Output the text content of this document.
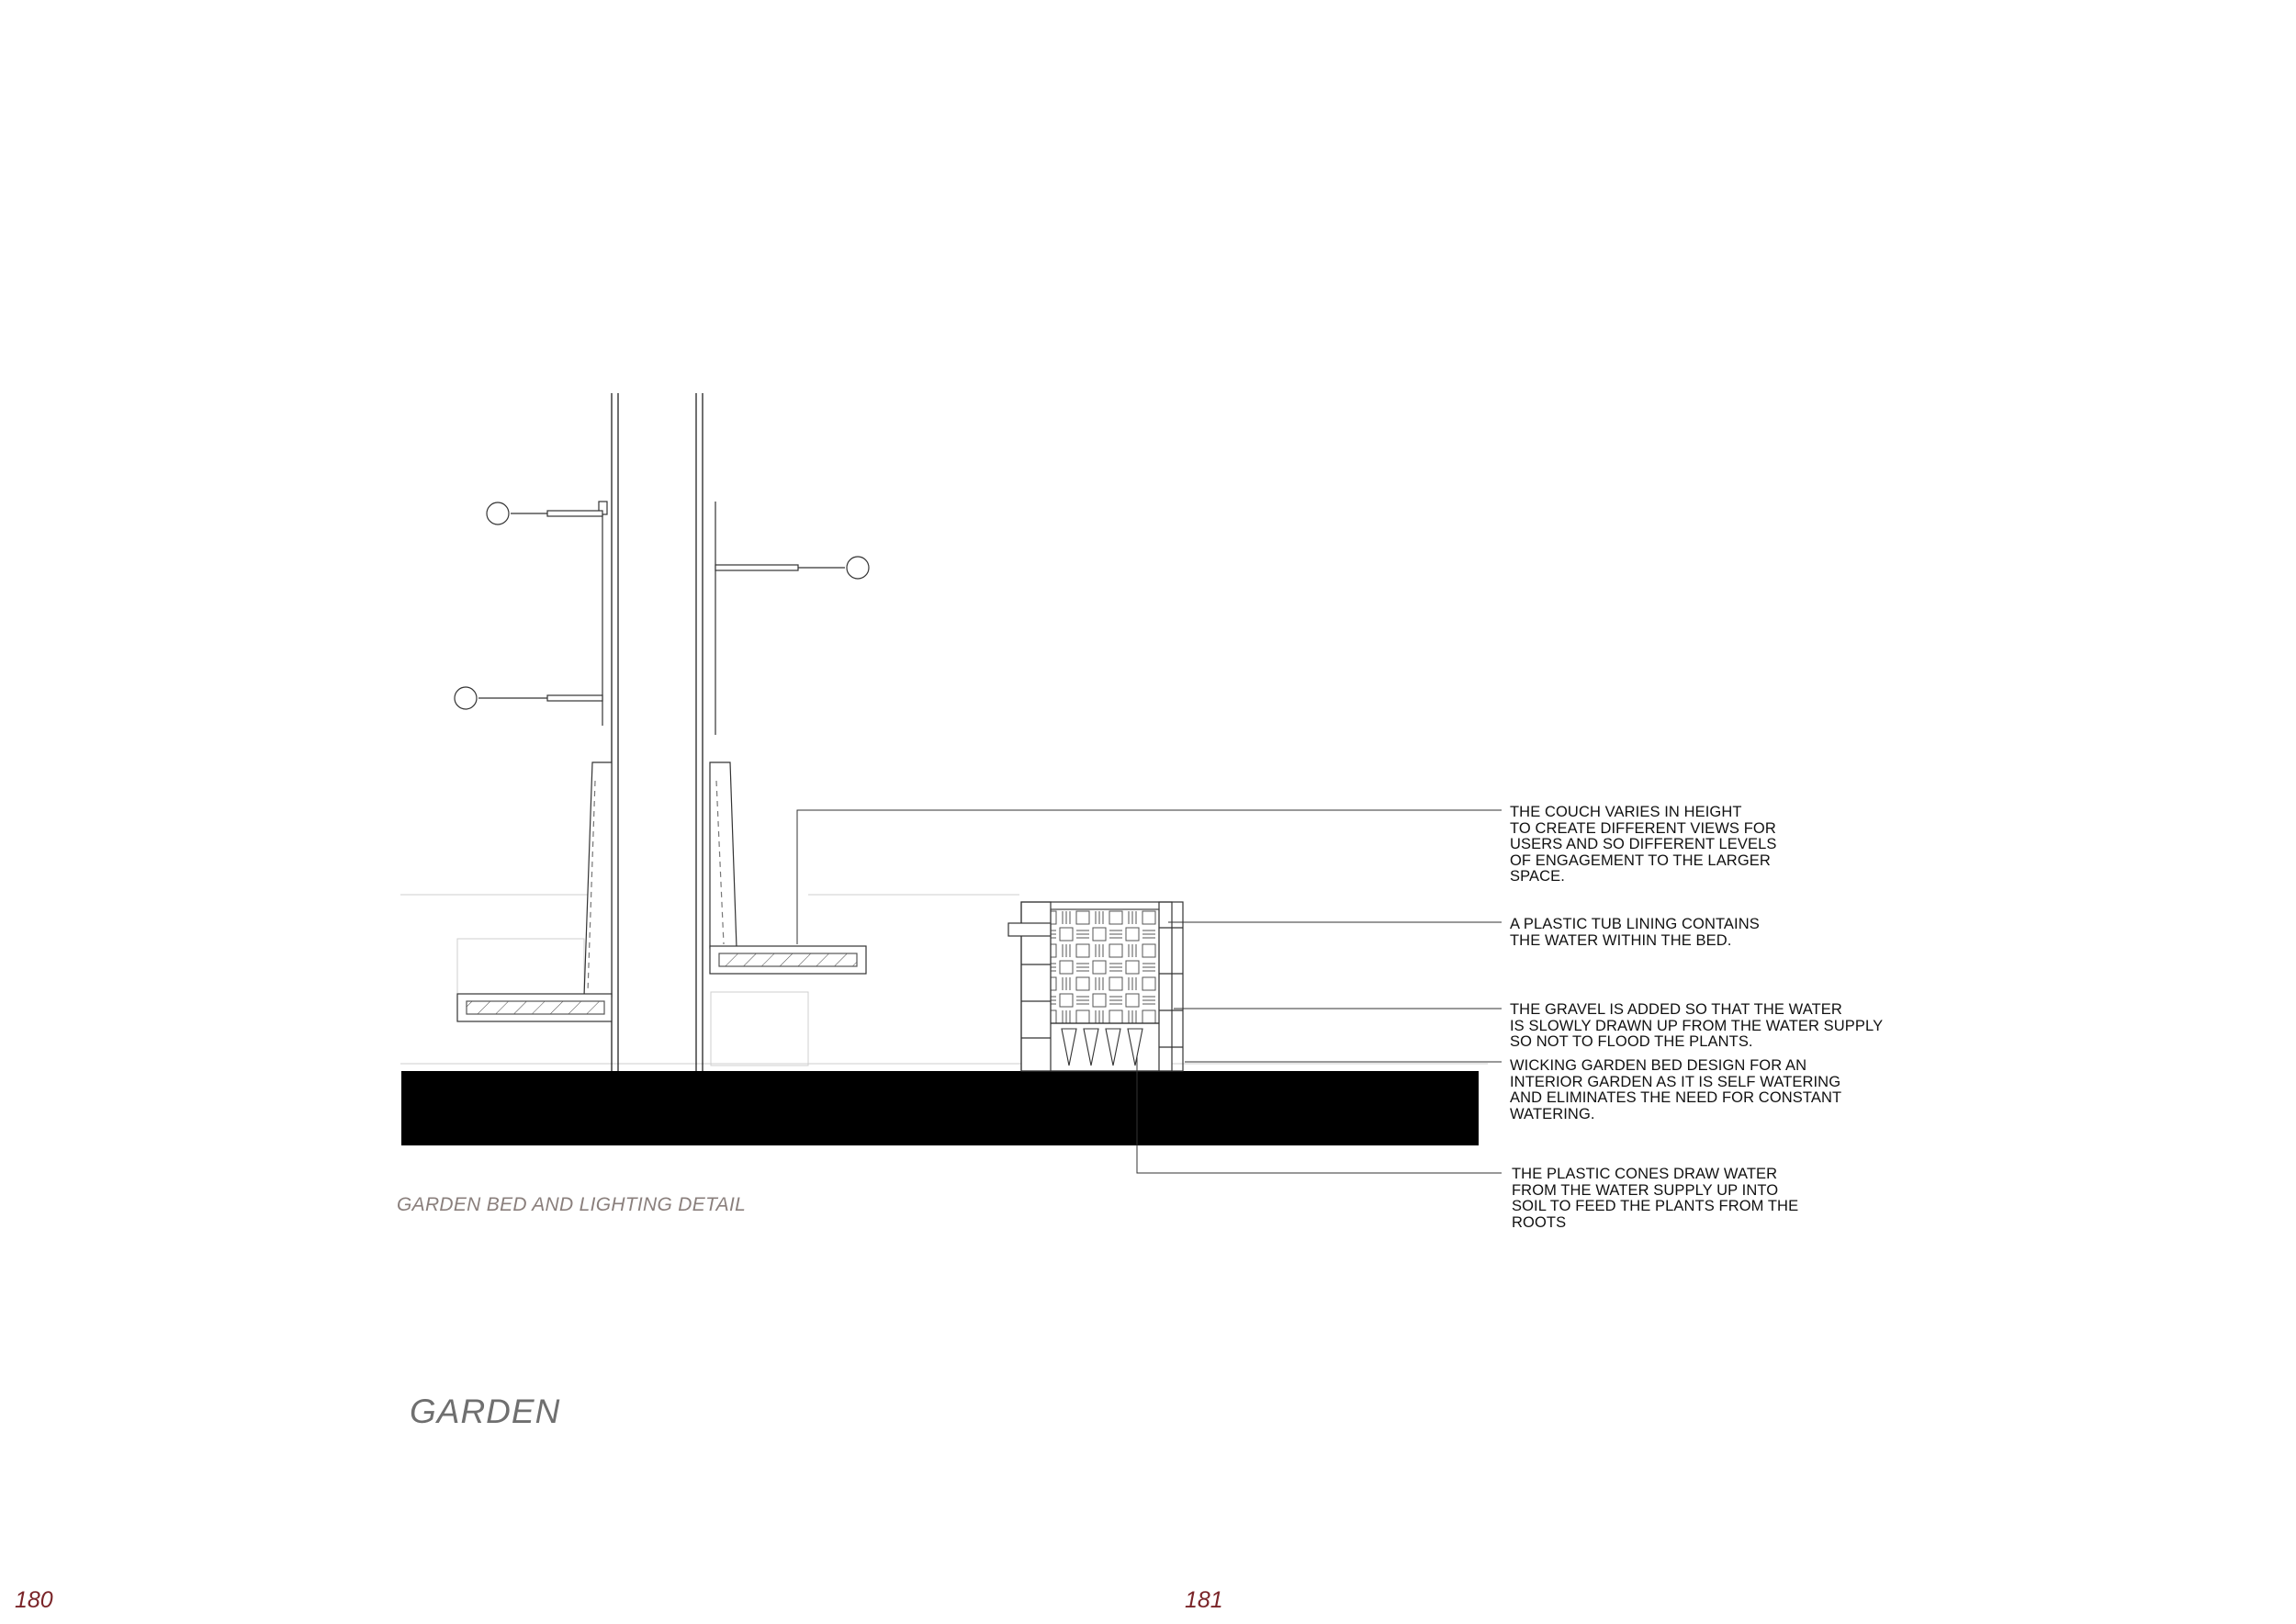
THE COUCH VARIES IN HEIGHT
TO CREATE DIFFERENT VIEWS FOR
USERS AND SO DIFFERENT LEVELS
OF ENGAGEMENT TO THE LARGER
SPACE.
A PLASTIC TUB LINING CONTAINS
THE WATER WITHIN THE BED.
THE GRAVEL IS ADDED SO THAT THE WATER
IS SLOWLY DRAWN UP FROM THE WATER SUPPLY
SO NOT TO FLOOD THE PLANTS.
WICKING GARDEN BED DESIGN FOR AN
INTERIOR GARDEN AS IT IS SELF WATERING
AND ELIMINATES THE NEED FOR CONSTANT
WATERING.
THE PLASTIC CONES DRAW WATER
FROM THE WATER SUPPLY UP INTO
SOIL TO FEED THE PLANTS FROM THE
ROOTS
GARDEN BED AND LIGHTING DETAIL
GARDEN
180	181
